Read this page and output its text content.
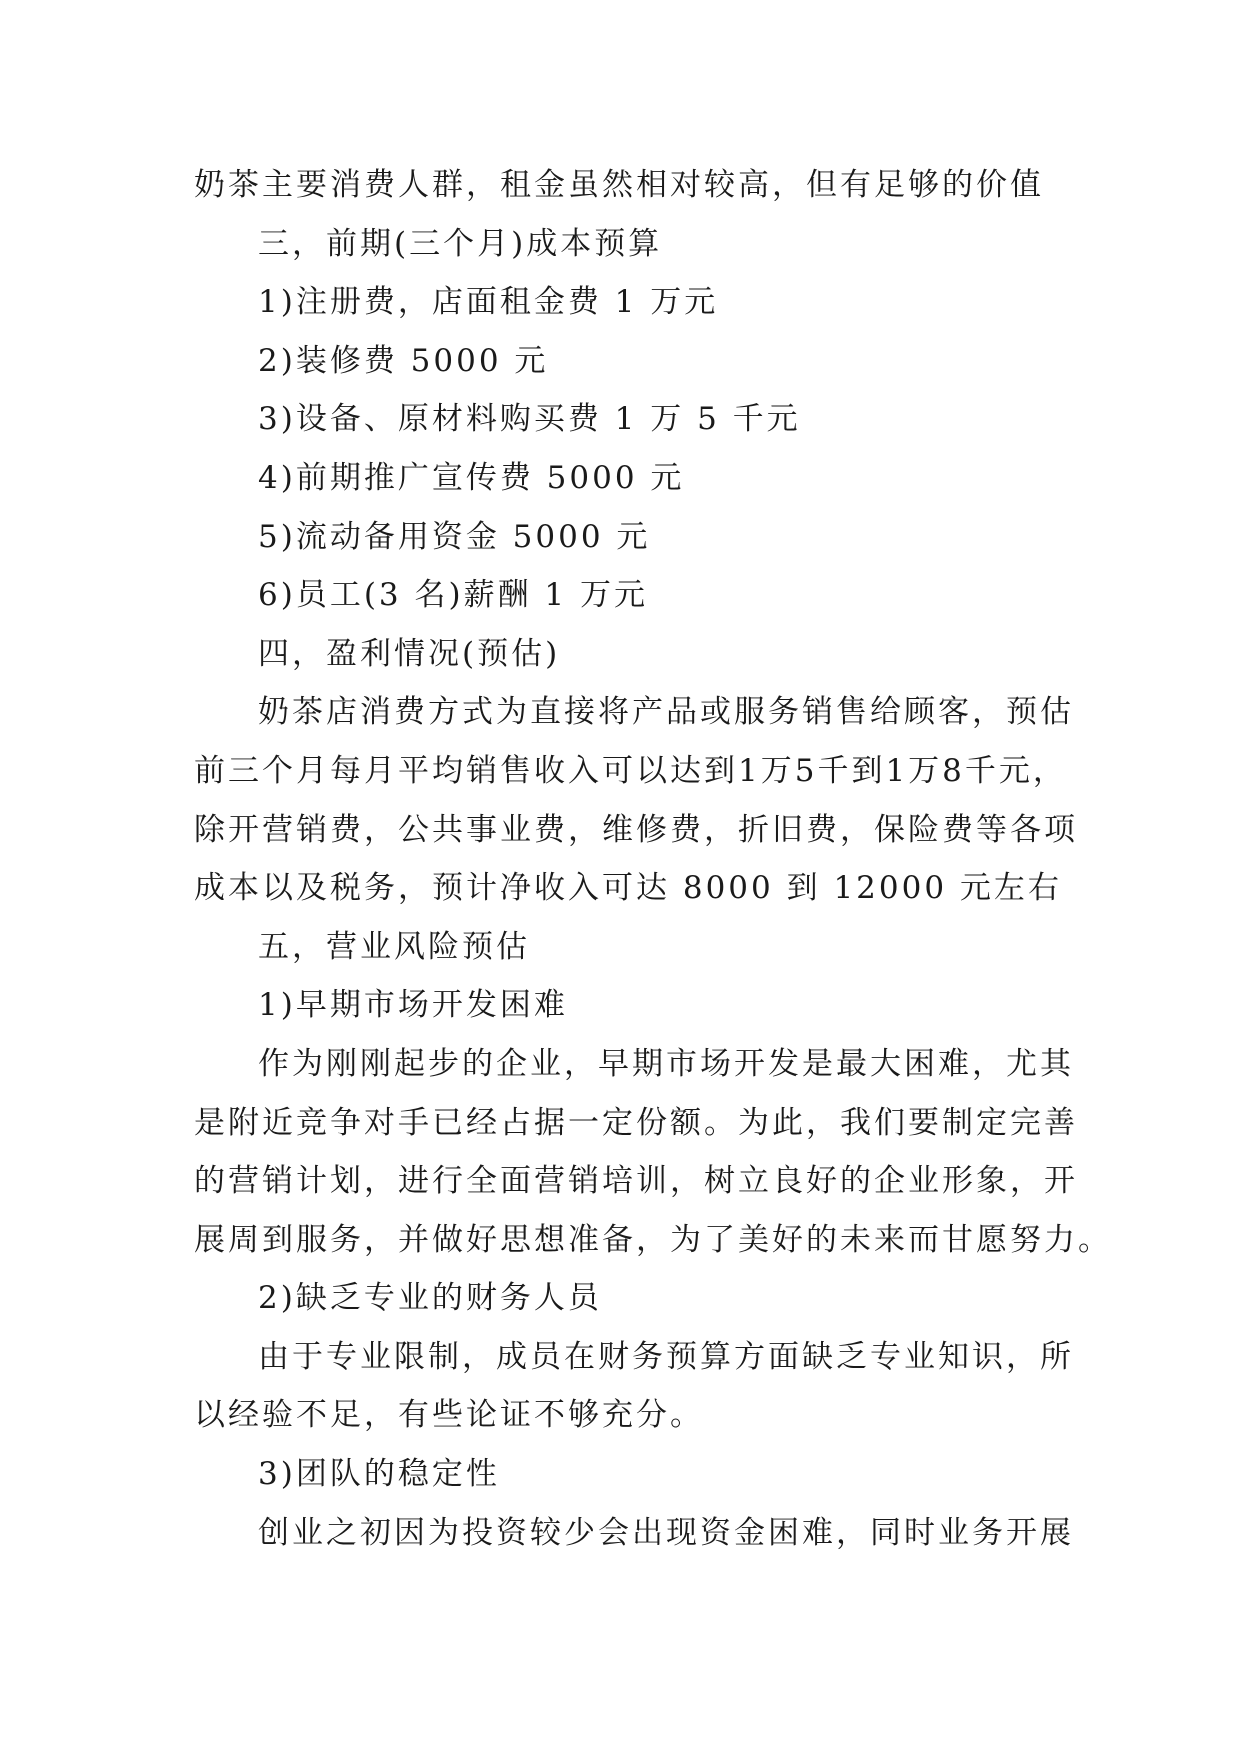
奶茶主要消费人群，租金虽然相对较高，但有足够的价值
三，前期(三个月)成本预算
1)注册费，店面租金费 1 万元
2)装修费 5000 元
3)设备、原材料购买费 1 万 5 千元
4)前期推广宣传费 5000 元
5)流动备用资金 5000 元
6)员工(3 名)薪酬 1 万元
四，盈利情况(预估)
奶茶店消费方式为直接将产品或服务销售给顾客，预估
前三个月每月平均销售收入可以达到1万5千到1万8千元，
除开营销费，公共事业费，维修费，折旧费，保险费等各项
成本以及税务，预计净收入可达 8000 到 12000 元左右
五，营业风险预估
1)早期市场开发困难
作为刚刚起步的企业，早期市场开发是最大困难，尤其
是附近竞争对手已经占据一定份额。为此，我们要制定完善
的营销计划，进行全面营销培训，树立良好的企业形象，开
展周到服务，并做好思想准备，为了美好的未来而甘愿努力。
2)缺乏专业的财务人员
由于专业限制，成员在财务预算方面缺乏专业知识，所
以经验不足，有些论证不够充分。
3)团队的稳定性
创业之初因为投资较少会出现资金困难，同时业务开展
